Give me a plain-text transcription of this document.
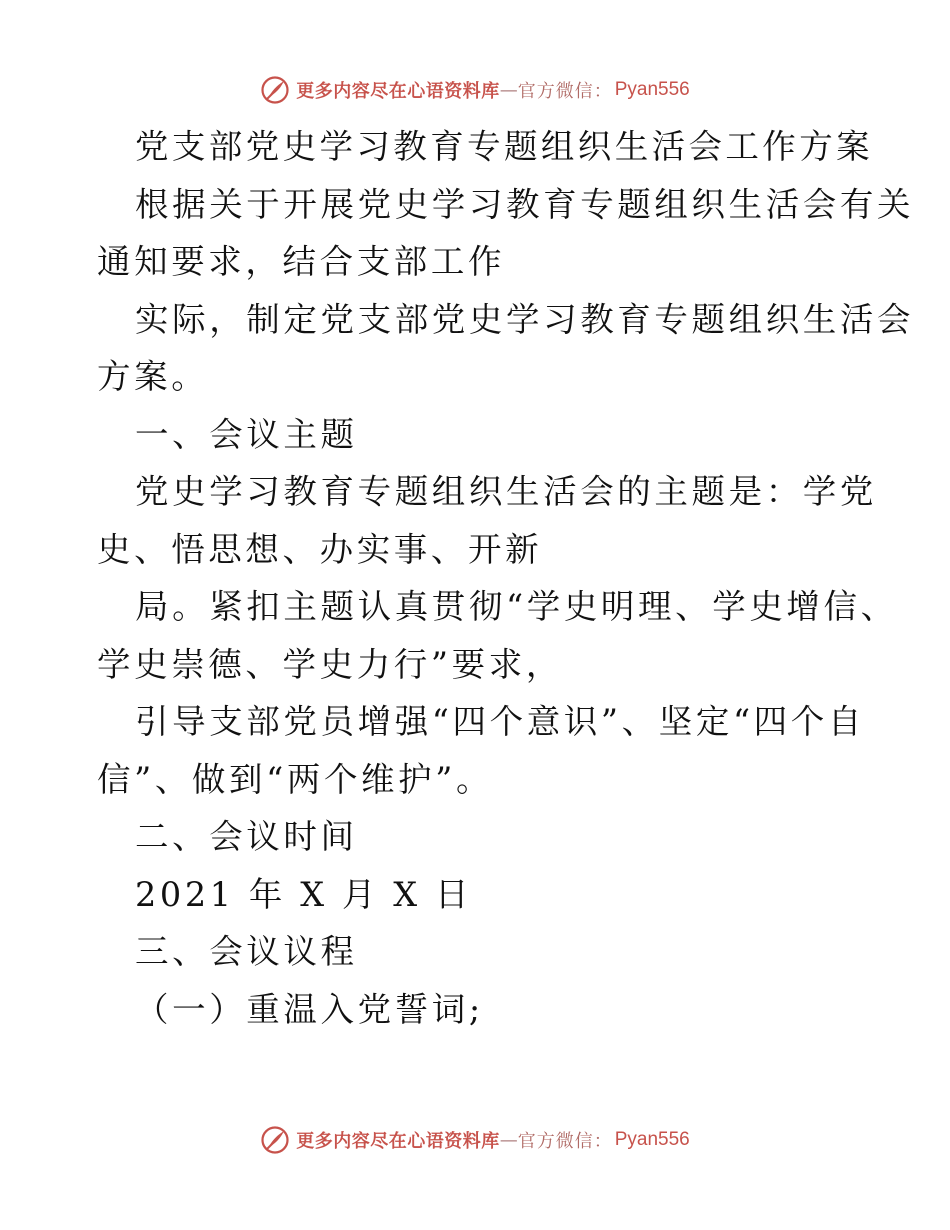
更多内容尽在心语资料库 — 官方微信： Pyan556
党支部党史学习教育专题组织生活会工作方案
根据关于开展党史学习教育专题组织生活会有关
通知要求，结合支部工作
实际，制定党支部党史学习教育专题组织生活会
方案。
一、会议主题
党史学习教育专题组织生活会的主题是：学党
史、悟思想、办实事、开新
局。紧扣主题认真贯彻“学史明理、学史增信、
学史崇德、学史力行”要求，
引导支部党员增强“四个意识”、坚定“四个自
信”、做到“两个维护”。
二、会议时间
2021 年 X 月 X 日
三、会议议程
（一）重温入党誓词;
更多内容尽在心语资料库 — 官方微信： Pyan556
